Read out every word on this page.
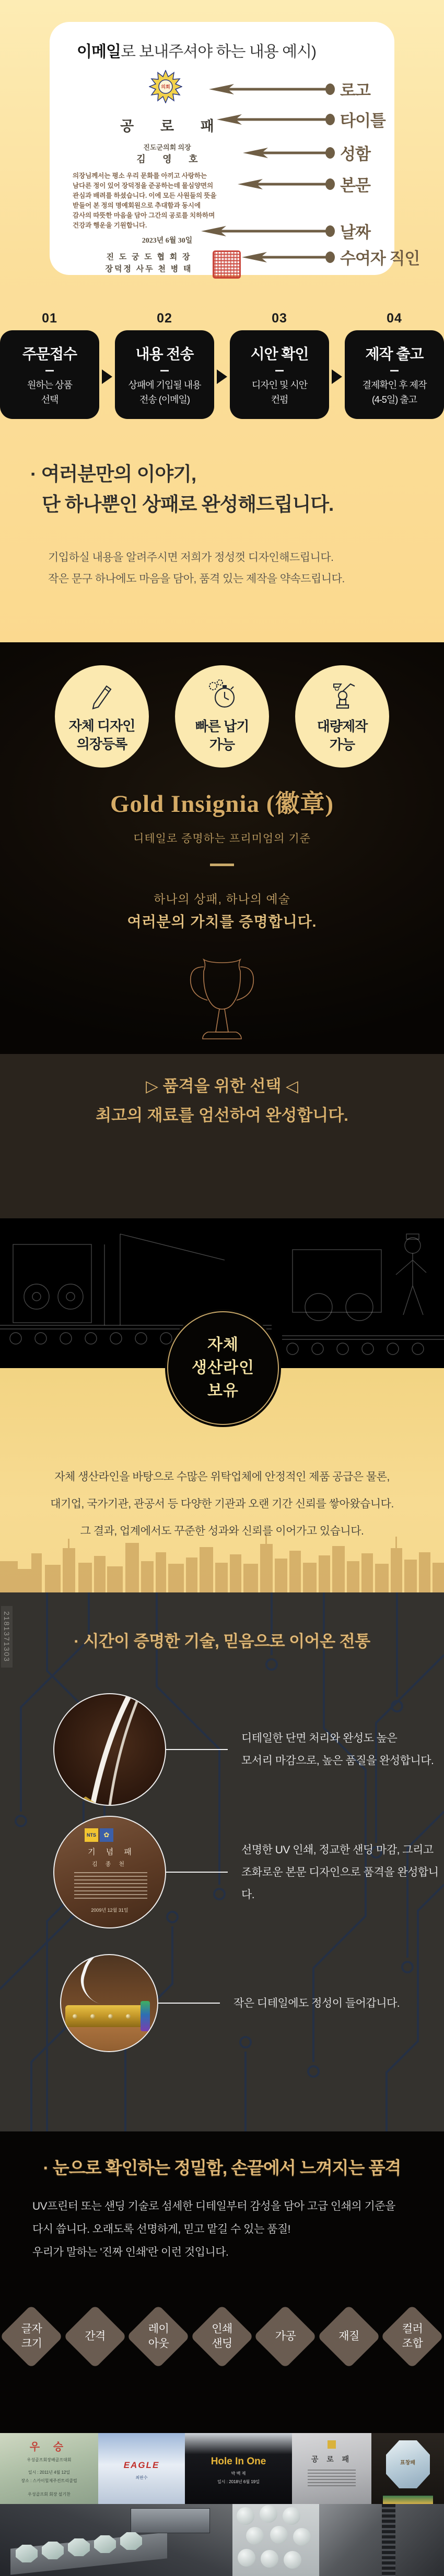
이메일로 보내주셔야 하는 내용 예시)
의회
공 로 패
진도군의회 의장
김 영 호
의장님께서는 평소 우리 문화를 아끼고 사랑하는
남다른 정이 있어 장덕정을 준공하는데 물심양면의
관심과 배려를 하셨습니다. 이에 모든 사원들의 뜻을
받들어 본 정의 명예회원으로 추대함과 동시에
감사의 따뜻한 마음을 담아 그간의 공로를 치하하며
건강과 행운을 기원합니다.
2023년 6월 30일
진 도 궁 도 협 회 장
장덕정 사두 천 병 태
로고
타이틀
성함
본문
날짜
수여자 직인
01
주문접수
원하는 상품
선택
02
내용 전송
상패에 기입될 내용
전송 (이메일)
03
시안 확인
디자인 및 시안
컨펌
04
제작 출고
결제확인 후 제작
(4-5일) 출고
· 여러분만의 이야기,
단 하나뿐인 상패로 완성해드립니다.
기입하실 내용을 알려주시면 저희가 정성껏 디자인해드립니다.
작은 문구 하나에도 마음을 담아, 품격 있는 제작을 약속드립니다.
자체 디자인
의장등록
빠른 납기
가능
대량제작
가능
Gold Insignia (徽章)
디테일로 증명하는 프리미엄의 기준
하나의 상패, 하나의 예술
여러분의 가치를 증명합니다.
▷ 품격을 위한 선택 ◁
최고의 재료를 엄선하여 완성합니다.
자체
생산라인
보유
자체 생산라인을 바탕으로 수많은 위탁업체에 안정적인 제품 공급은 물론,
대기업, 국가기관, 관공서 등 다양한 기관과 오랜 기간 신뢰를 쌓아왔습니다.
그 결과, 업계에서도 꾸준한 성과와 신뢰를 이어가고 있습니다.
2181371303	· 시간이 증명한 기술, 믿음으로 이어온 전통
디테일한 단면 처리와 완성도 높은
모서리 마감으로, 높은 품질을 완성합니다.
NTS	✿
기 념 패
김 종 천
2009년 12월 31일
선명한 UV 인쇄, 정교한 샌딩 마감, 그리고
조화로운 본문 디자인으로 품격을 완성합니다.
작은 디테일에도 정성이 들어갑니다.
· 눈으로 확인하는 정밀함, 손끝에서 느껴지는 품격
UV프린터 또는 샌딩 기술로 섬세한 디테일부터 감성을 담아 고급 인쇄의 기준을
다시 씁니다. 오래도록 선명하게, 믿고 맡길 수 있는 품질!
우리가 말하는 '진짜 인쇄'란 이런 것입니다.
글자
크기
간격
레이
아웃
인쇄
샌딩
가공	재질
컬러
조합
우 승
우성골프회장배골프대회
일시 : 2011년 4월 12일
장소 : 스카이힐제주컨트리클럽
우성골프회 회장 설기찬
EAGLE
최판수
Hole In One
박 백 제
일시 : 2018년 6월 19일
공 로 패	표창패
